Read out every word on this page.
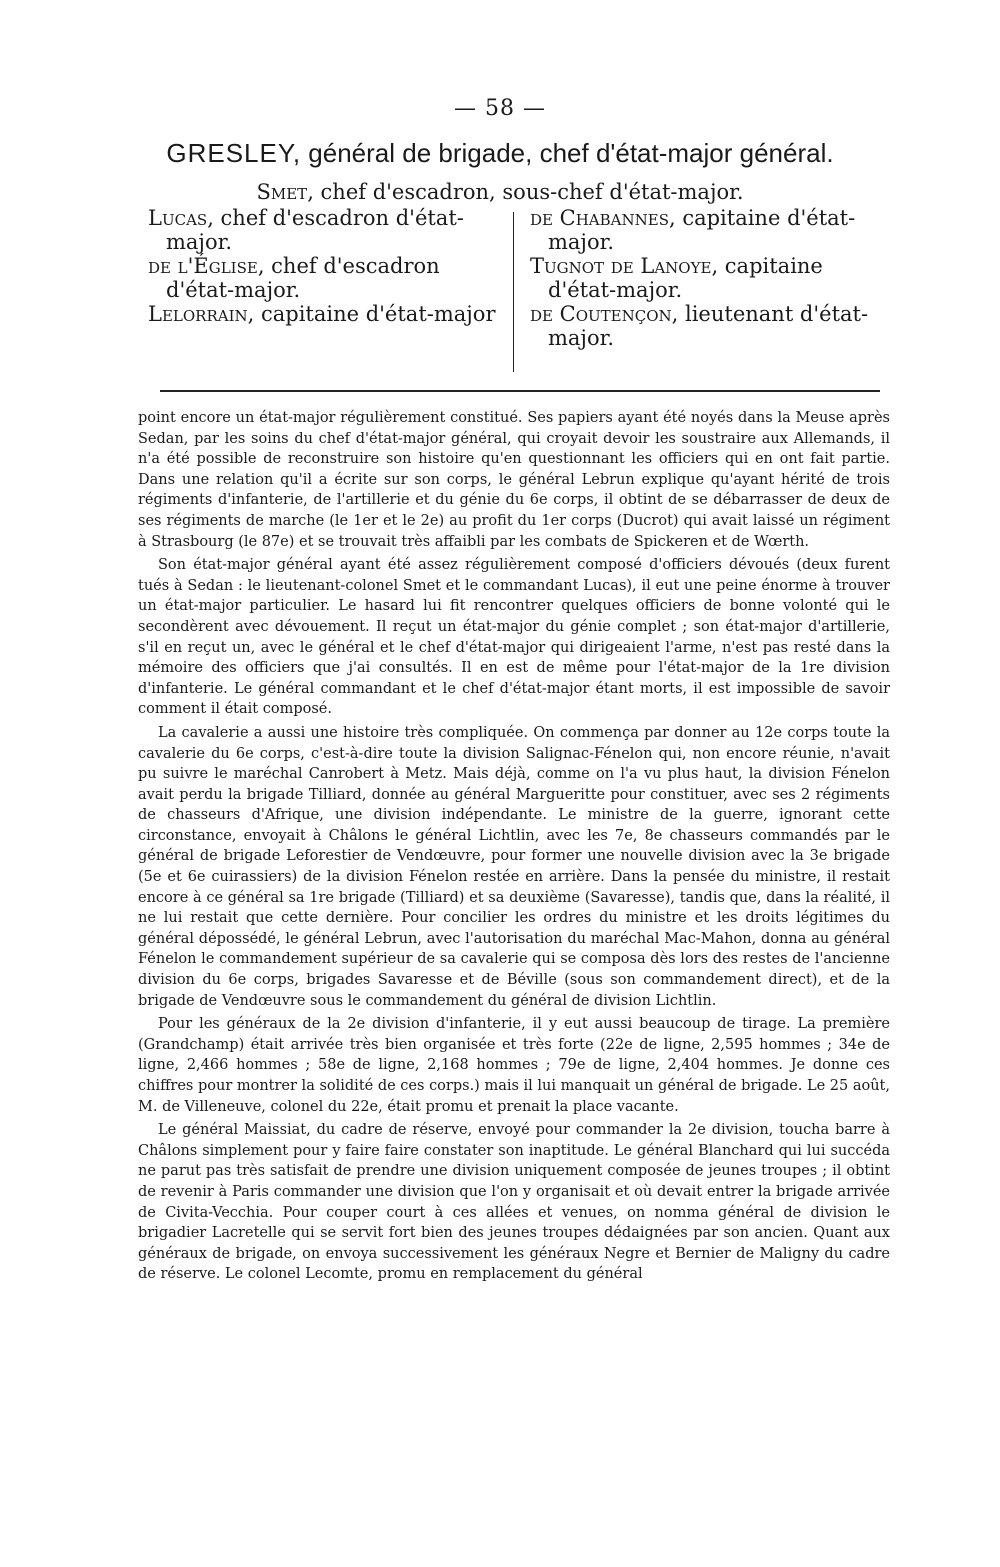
— 58 —
GRESLEY, général de brigade, chef d'état-major général.
Smet, chef d'escadron, sous-chef d'état-major.
Lucas, chef d'escadron d'état-major.
de l'Église, chef d'escadron d'état-major.
Lelorrain, capitaine d'état-major
de Chabannes, capitaine d'état-major.
Tugnot de Lanoye, capitaine d'état-major.
de Coutençon, lieutenant d'état-major.

point encore un état-major régulièrement constitué. Ses papiers ayant été noyés dans la Meuse après Sedan, par les soins du chef d'état-major général, qui croyait devoir les soustraire aux Allemands, il n'a été possible de reconstruire son histoire qu'en questionnant les officiers qui en ont fait partie. Dans une relation qu'il a écrite sur son corps, le général Lebrun explique qu'ayant hérité de trois régiments d'infanterie, de l'artillerie et du génie du 6e corps, il obtint de se débarrasser de deux de ses régiments de marche (le 1er et le 2e) au profit du 1er corps (Ducrot) qui avait laissé un régiment à Strasbourg (le 87e) et se trouvait très affaibli par les combats de Spickeren et de Wœrth.

Son état-major général ayant été assez régulièrement composé d'officiers dévoués (deux furent tués à Sedan : le lieutenant-colonel Smet et le commandant Lucas), il eut une peine énorme à trouver un état-major particulier. Le hasard lui fit rencontrer quelques officiers de bonne volonté qui le secondèrent avec dévouement. Il reçut un état-major du génie complet ; son état-major d'artillerie, s'il en reçut un, avec le général et le chef d'état-major qui dirigeaient l'arme, n'est pas resté dans la mémoire des officiers que j'ai consultés. Il en est de même pour l'état-major de la 1re division d'infanterie. Le général commandant et le chef d'état-major étant morts, il est impossible de savoir comment il était composé.

La cavalerie a aussi une histoire très compliquée. On commença par donner au 12e corps toute la cavalerie du 6e corps, c'est-à-dire toute la division Salignac-Fénelon qui, non encore réunie, n'avait pu suivre le maréchal Canrobert à Metz. Mais déjà, comme on l'a vu plus haut, la division Fénelon avait perdu la brigade Tilliard, donnée au général Margueritte pour constituer, avec ses 2 régiments de chasseurs d'Afrique, une division indépendante. Le ministre de la guerre, ignorant cette circonstance, envoyait à Châlons le général Lichtlin, avec les 7e, 8e chasseurs commandés par le général de brigade Leforestier de Vendœuvre, pour former une nouvelle division avec la 3e brigade (5e et 6e cuirassiers) de la division Fénelon restée en arrière. Dans la pensée du ministre, il restait encore à ce général sa 1re brigade (Tilliard) et sa deuxième (Savaresse), tandis que, dans la réalité, il ne lui restait que cette dernière. Pour concilier les ordres du ministre et les droits légitimes du général dépossédé, le général Lebrun, avec l'autorisation du maréchal Mac-Mahon, donna au général Fénelon le commandement supérieur de sa cavalerie qui se composa dès lors des restes de l'ancienne division du 6e corps, brigades Savaresse et de Béville (sous son commandement direct), et de la brigade de Vendœuvre sous le commandement du général de division Lichtlin.

Pour les généraux de la 2e division d'infanterie, il y eut aussi beaucoup de tirage. La première (Grandchamp) était arrivée très bien organisée et très forte (22e de ligne, 2,595 hommes ; 34e de ligne, 2,466 hommes ; 58e de ligne, 2,168 hommes ; 79e de ligne, 2,404 hommes. Je donne ces chiffres pour montrer la solidité de ces corps.) mais il lui manquait un général de brigade. Le 25 août, M. de Villeneuve, colonel du 22e, était promu et prenait la place vacante.

Le général Maissiat, du cadre de réserve, envoyé pour commander la 2e division, toucha barre à Châlons simplement pour y faire faire constater son inaptitude. Le général Blanchard qui lui succéda ne parut pas très satisfait de prendre une division uniquement composée de jeunes troupes ; il obtint de revenir à Paris commander une division que l'on y organisait et où devait entrer la brigade arrivée de Civita-Vecchia. Pour couper court à ces allées et venues, on nomma général de division le brigadier Lacretelle qui se servit fort bien des jeunes troupes dédaignées par son ancien. Quant aux généraux de brigade, on envoya successivement les généraux Negre et Bernier de Maligny du cadre de réserve. Le colonel Lecomte, promu en remplacement du général
